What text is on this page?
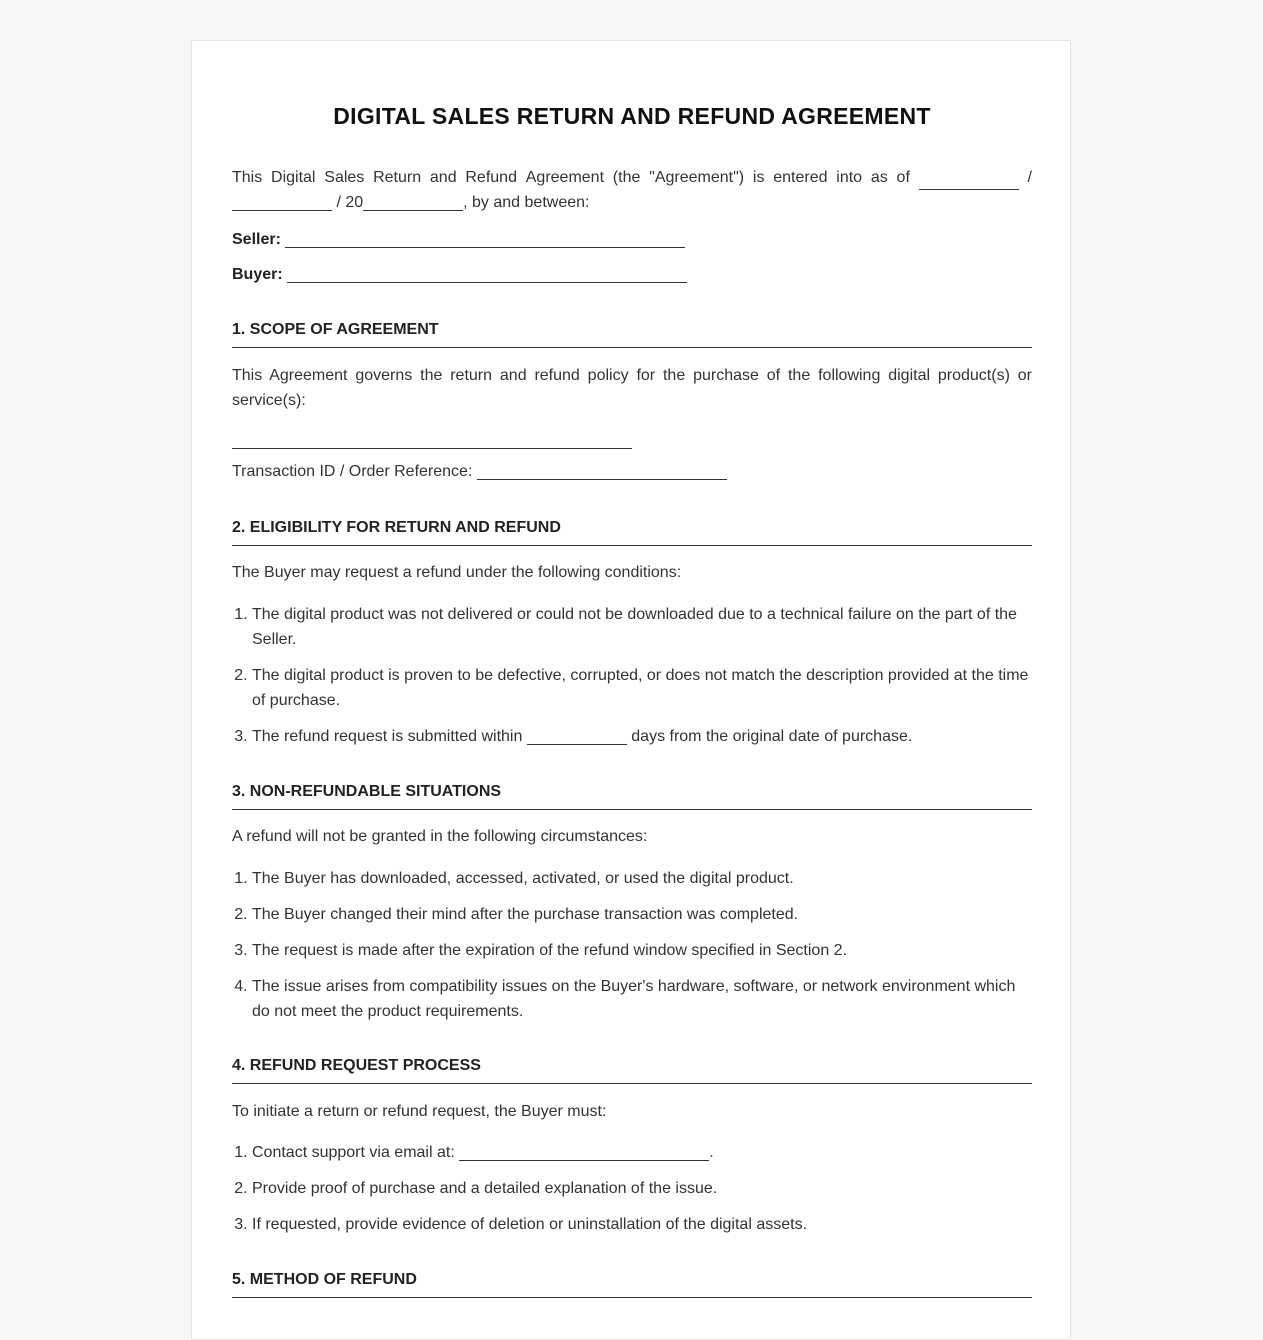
DIGITAL SALES RETURN AND REFUND AGREEMENT
This Digital Sales Return and Refund Agreement (the "Agreement") is entered into as of	/
/ 20	, by and between:
Seller:
Buyer:
1. SCOPE OF AGREEMENT

This Agreement governs the return and refund policy for the purchase of the following digital product(s) or service(s):

Transaction ID / Order Reference:
2. ELIGIBILITY FOR RETURN AND REFUND

The Buyer may request a refund under the following conditions:

1. The digital product was not delivered or could not be downloaded due to a technical failure on the part of the Seller.
2. The digital product is proven to be defective, corrupted, or does not match the description provided at the time of purchase.
3. The refund request is submitted within	days from the original date of purchase.
3. NON-REFUNDABLE SITUATIONS

A refund will not be granted in the following circumstances:

1. The Buyer has downloaded, accessed, activated, or used the digital product.
2. The Buyer changed their mind after the purchase transaction was completed.
3. The request is made after the expiration of the refund window specified in Section 2.
4. The issue arises from compatibility issues on the Buyer's hardware, software, or network environment which do not meet the product requirements.
4. REFUND REQUEST PROCESS

To initiate a return or refund request, the Buyer must:

1. Contact support via email at:	.
2. Provide proof of purchase and a detailed explanation of the issue.
3. If requested, provide evidence of deletion or uninstallation of the digital assets.
5. METHOD OF REFUND
